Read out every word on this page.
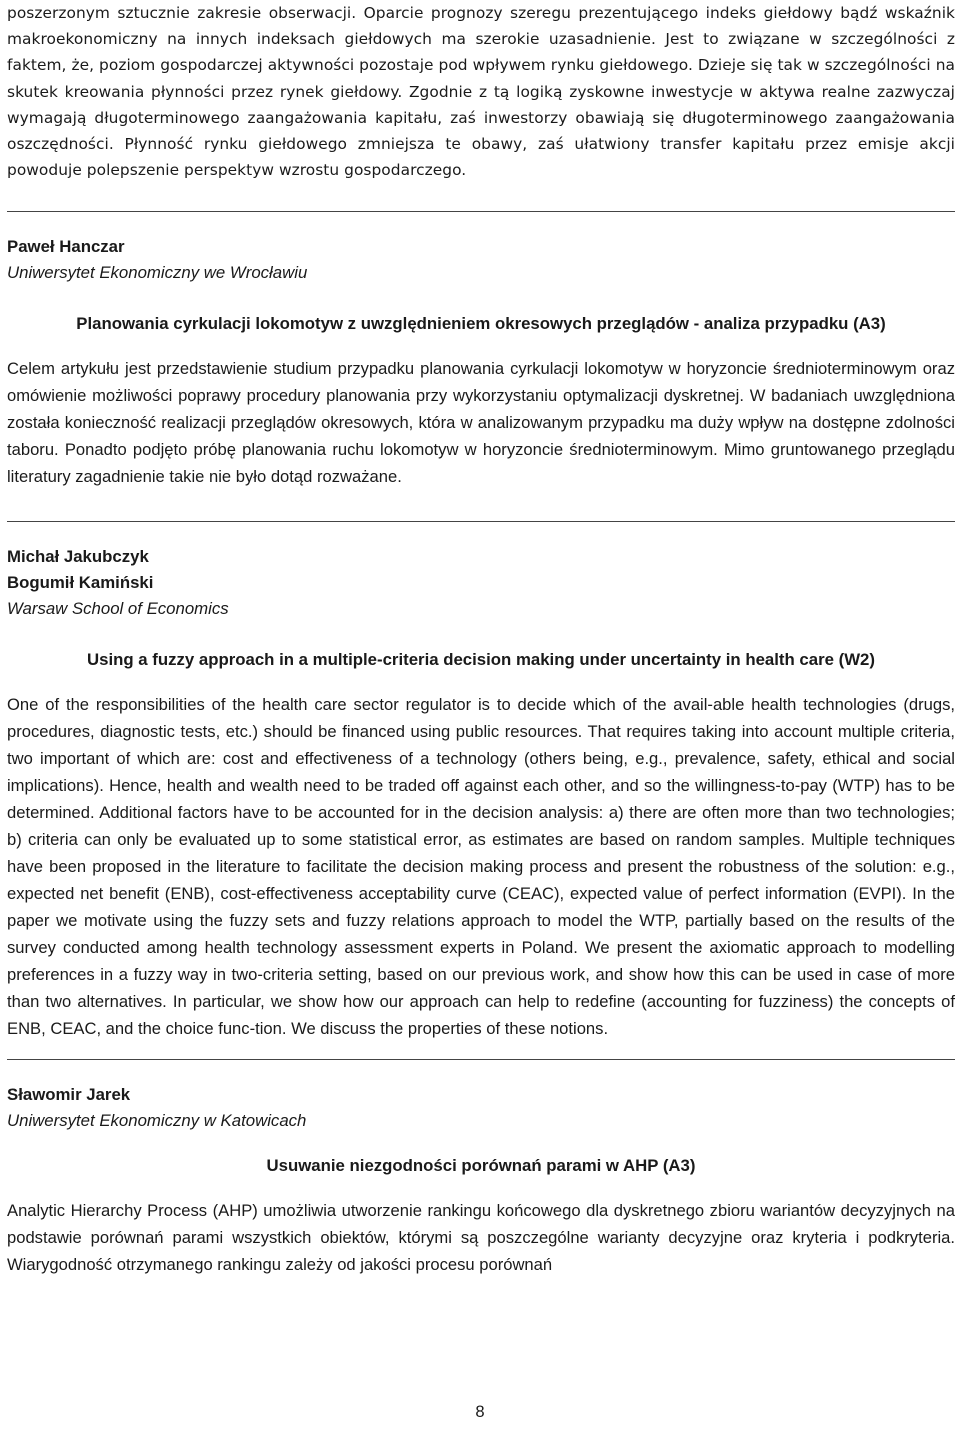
poszerzonym sztucznie zakresie obserwacji. Oparcie prognozy szeregu prezentującego indeks giełdowy bądź wskaźnik makroekonomiczny na innych indeksach giełdowych ma szerokie uzasadnienie. Jest to związane w szczególności z faktem, że, poziom gospodarczej aktywności pozostaje pod wpływem rynku giełdowego. Dzieje się tak w szczególności na skutek kreowania płynności przez rynek giełdowy. Zgodnie z tą logiką zyskowne inwestycje w aktywa realne zazwyczaj wymagają długoterminowego zaangażowania kapitału, zaś inwestorzy obawiają się długoterminowego zaangażowania oszczędności. Płynność rynku giełdowego zmniejsza te obawy, zaś ułatwiony transfer kapitału przez emisje akcji powoduje polepszenie perspektyw wzrostu gospodarczego.

Paweł Hanczar
Uniwersytet Ekonomiczny we Wrocławiu
Planowania cyrkulacji lokomotyw z uwzględnieniem okresowych przeglądów - analiza przypadku (A3)

Celem artykułu jest przedstawienie studium przypadku planowania cyrkulacji lokomotyw w horyzoncie średnioterminowym oraz omówienie możliwości poprawy procedury planowania przy wykorzystaniu optymalizacji dyskretnej. W badaniach uwzględniona została konieczność realizacji przeglądów okresowych, która w analizowanym przypadku ma duży wpływ na dostępne zdolności taboru. Ponadto podjęto próbę planowania ruchu lokomotyw w horyzoncie średnioterminowym. Mimo gruntowanego przeglądu literatury zagadnienie takie nie było dotąd rozważane.

Michał Jakubczyk
Bogumił Kamiński
Warsaw School of Economics
Using a fuzzy approach in a multiple-criteria decision making under uncertainty in health care (W2)

One of the responsibilities of the health care sector regulator is to decide which of the avail-able health technologies (drugs, procedures, diagnostic tests, etc.) should be financed using public resources. That requires taking into account multiple criteria, two important of which are: cost and effectiveness of a technology (others being, e.g., prevalence, safety, ethical and social implications). Hence, health and wealth need to be traded off against each other, and so the willingness-to-pay (WTP) has to be determined. Additional factors have to be accounted for in the decision analysis: a) there are often more than two technologies; b) criteria can only be evaluated up to some statistical error, as estimates are based on random samples. Multiple techniques have been proposed in the literature to facilitate the decision making process and present the robustness of the solution: e.g., expected net benefit (ENB), cost-effectiveness acceptability curve (CEAC), expected value of perfect information (EVPI). In the paper we motivate using the fuzzy sets and fuzzy relations approach to model the WTP, partially based on the results of the survey conducted among health technology assessment experts in Poland. We present the axiomatic approach to modelling preferences in a fuzzy way in two-criteria setting, based on our previous work, and show how this can be used in case of more than two alternatives. In particular, we show how our approach can help to redefine (accounting for fuzziness) the concepts of ENB, CEAC, and the choice func-tion. We discuss the properties of these notions.

Sławomir Jarek
Uniwersytet Ekonomiczny w Katowicach
Usuwanie niezgodności porównań parami w AHP (A3)

Analytic Hierarchy Process (AHP) umożliwia utworzenie rankingu końcowego dla dyskretnego zbioru wariantów decyzyjnych na podstawie porównań parami wszystkich obiektów, którymi są poszczególne warianty decyzyjne oraz kryteria i podkryteria. Wiarygodność otrzymanego rankingu zależy od jakości procesu porównań

8
